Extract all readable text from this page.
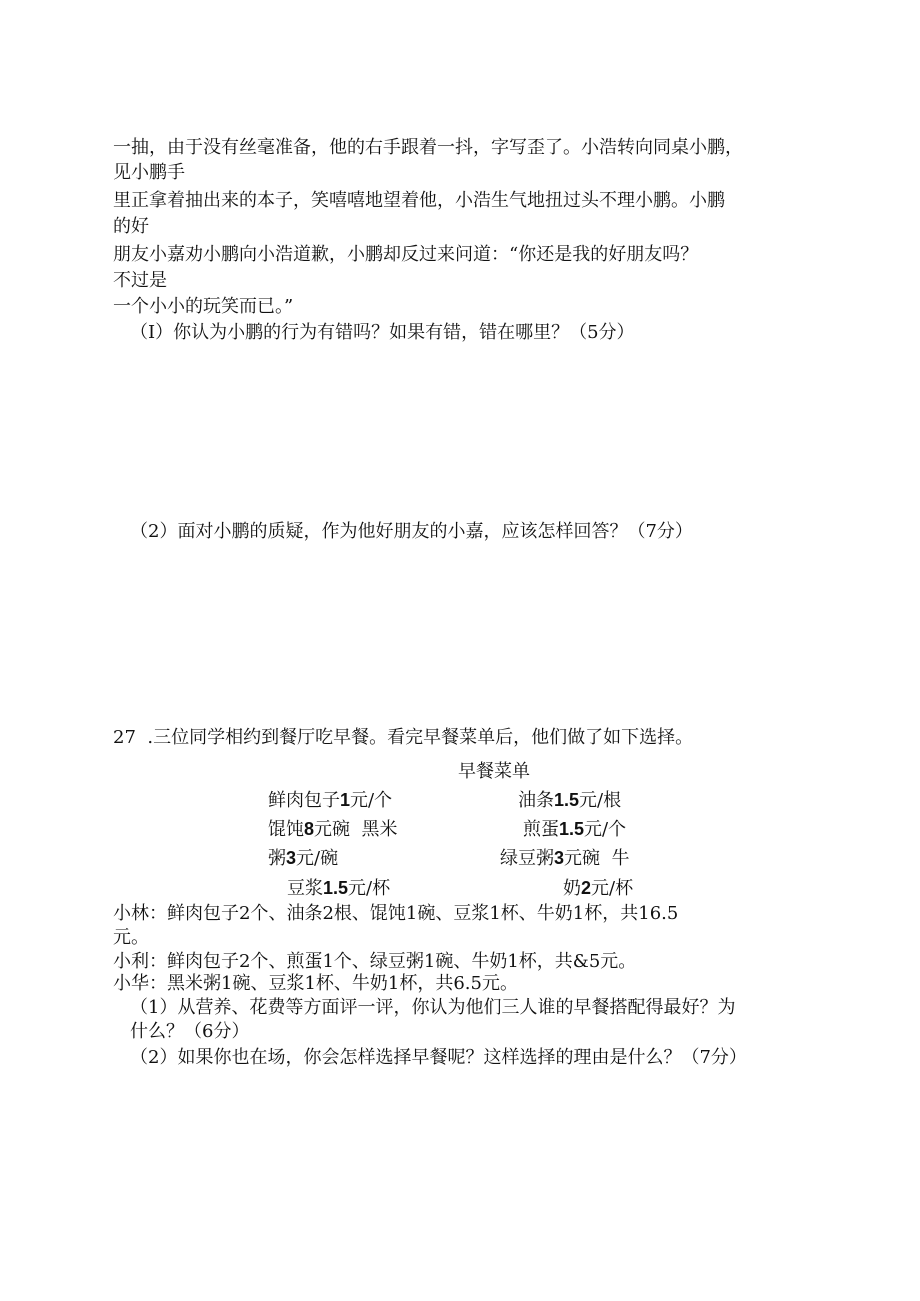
一抽，由于没有丝毫准备，他的右手跟着一抖，字写歪了。小浩转向同桌小鹏，
见小鹏手
里正拿着抽出来的本子，笑嘻嘻地望着他，小浩生气地扭过头不理小鹏。小鹏
的好
朋友小嘉劝小鹏向小浩道歉，小鹏却反过来问道：“你还是我的好朋友吗？
不过是
一个小小的玩笑而已。”
（I）你认为小鹏的行为有错吗？如果有错，错在哪里？（5分）
（2）面对小鹏的质疑，作为他好朋友的小嘉，应该怎样回答？（7分）
27  .三位同学相约到餐厅吃早餐。看完早餐菜单后，他们做了如下选择。
早餐菜单
鲜肉包子1元/个	油条1.5元/根
馄饨8元碗  黑米	煎蛋1.5元/个
粥3元/碗	绿豆粥3元碗  牛
豆浆1.5元/杯	奶2元/杯
小林：鲜肉包子2个、油条2根、馄饨1碗、豆浆1杯、牛奶1杯，共16.5
元。
小利：鲜肉包子2个、煎蛋1个、绿豆粥1碗、牛奶1杯，共&5元。
小华：黑米粥1碗、豆浆1杯、牛奶1杯，共6.5元。
（1）从营养、花费等方面评一评，你认为他们三人谁的早餐搭配得最好？为
什么？（6分）
（2）如果你也在场，你会怎样选择早餐呢？这样选择的理由是什么？（7分）
